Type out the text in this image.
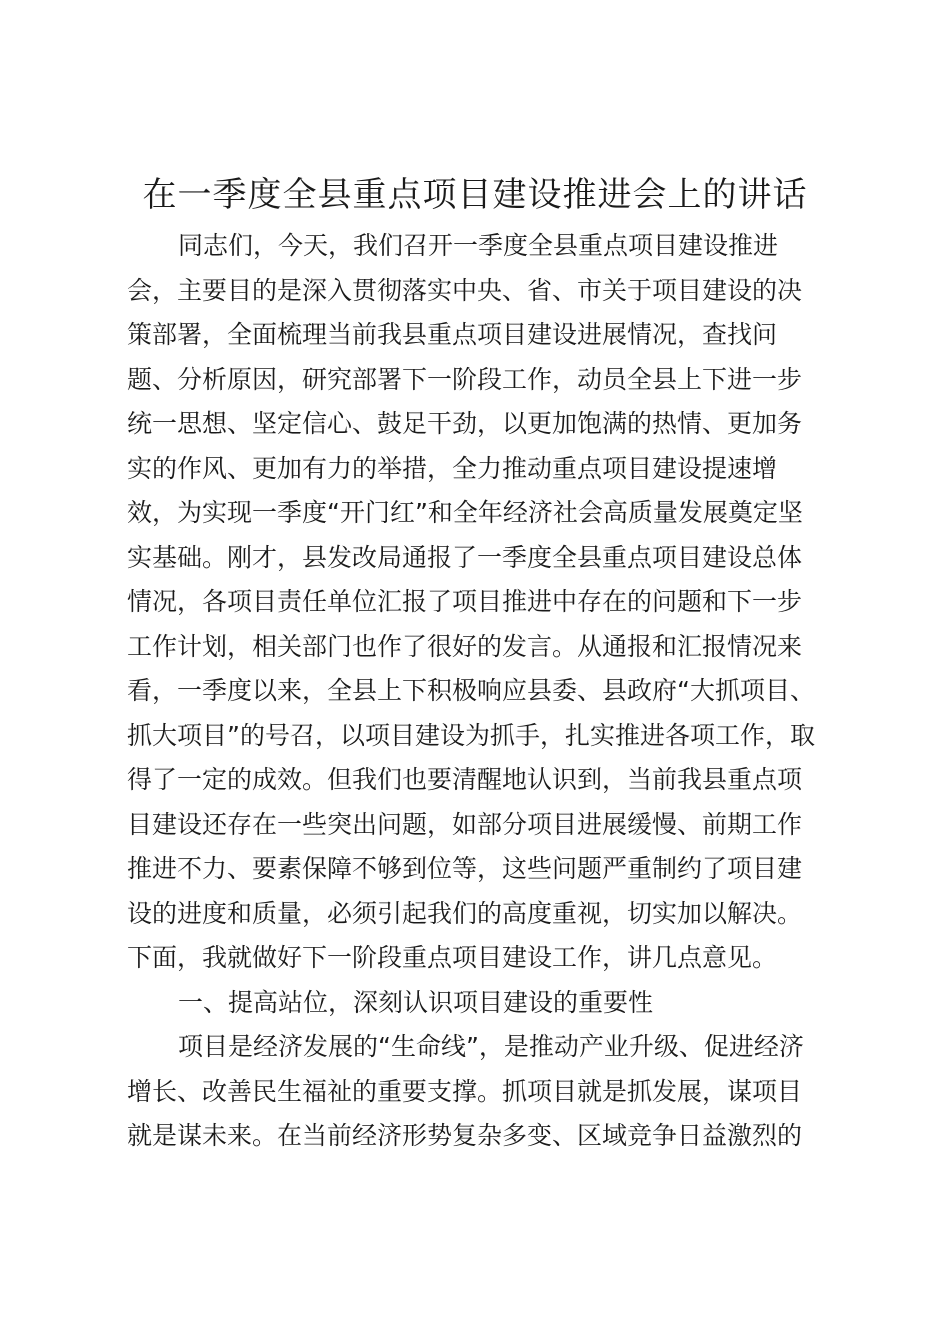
在一季度全县重点项目建设推进会上的讲话
同志们，今天，我们召开一季度全县重点项目建设推进
会，主要目的是深入贯彻落实中央、省、市关于项目建设的决
策部署，全面梳理当前我县重点项目建设进展情况，查找问
题、分析原因，研究部署下一阶段工作，动员全县上下进一步
统一思想、坚定信心、鼓足干劲，以更加饱满的热情、更加务
实的作风、更加有力的举措，全力推动重点项目建设提速增
效，为实现一季度“开门红”和全年经济社会高质量发展奠定坚
实基础。刚才，县发改局通报了一季度全县重点项目建设总体
情况，各项目责任单位汇报了项目推进中存在的问题和下一步
工作计划，相关部门也作了很好的发言。从通报和汇报情况来
看，一季度以来，全县上下积极响应县委、县政府“大抓项目、
抓大项目”的号召，以项目建设为抓手，扎实推进各项工作，取
得了一定的成效。但我们也要清醒地认识到，当前我县重点项
目建设还存在一些突出问题，如部分项目进展缓慢、前期工作
推进不力、要素保障不够到位等，这些问题严重制约了项目建
设的进度和质量，必须引起我们的高度重视，切实加以解决。
下面，我就做好下一阶段重点项目建设工作，讲几点意见。
一、提高站位，深刻认识项目建设的重要性
项目是经济发展的“生命线”，是推动产业升级、促进经济
增长、改善民生福祉的重要支撑。抓项目就是抓发展，谋项目
就是谋未来。在当前经济形势复杂多变、区域竞争日益激烈的
